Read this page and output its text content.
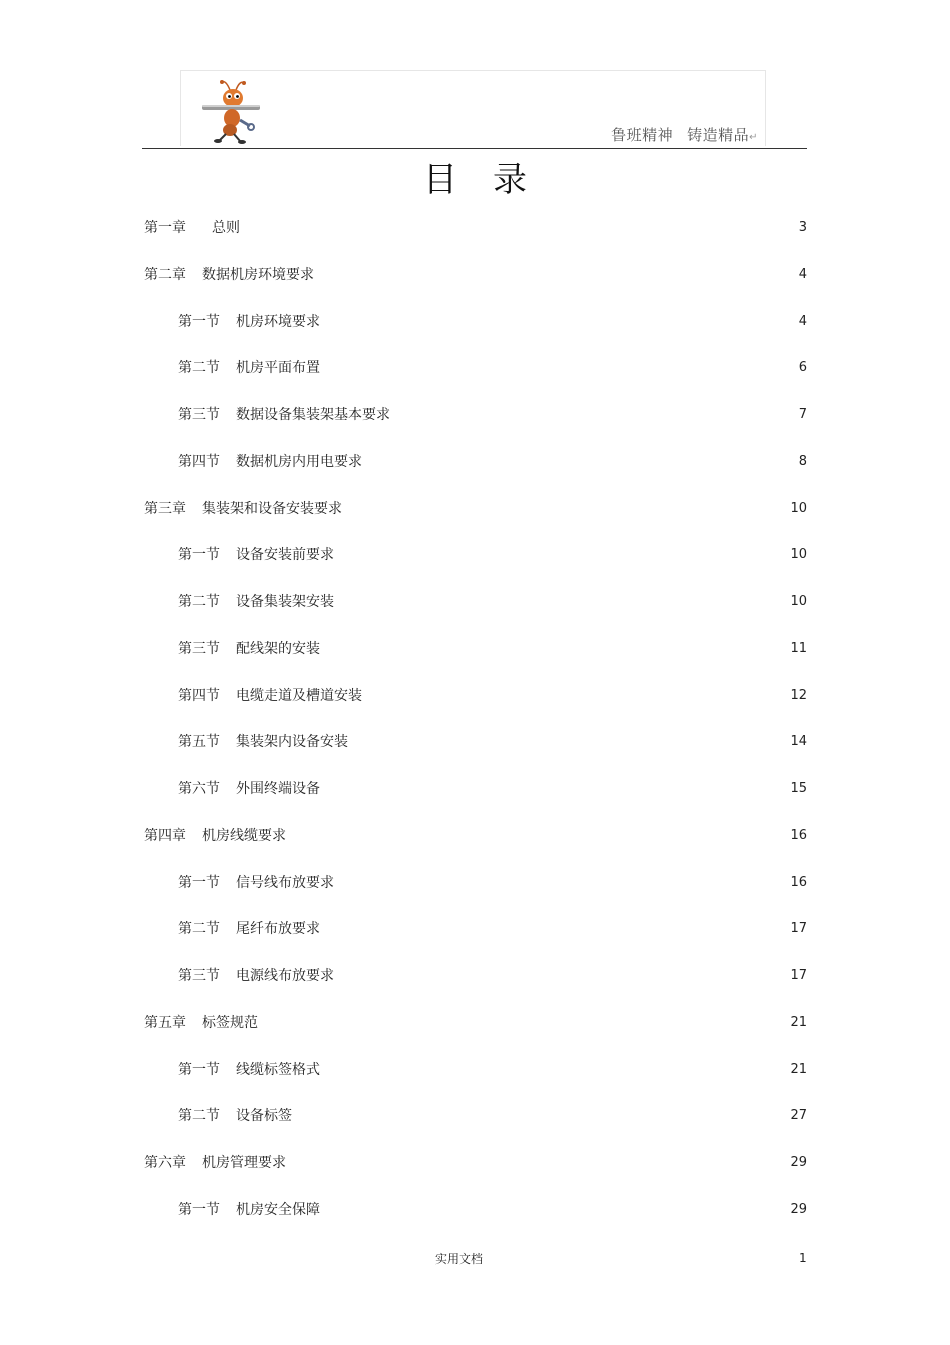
鲁班精神 铸造精品↵
目录
第一章 总则	3
第二章 数据机房环境要求	4
第一节 机房环境要求	4
第二节 机房平面布置	6
第三节 数据设备集装架基本要求	7
第四节 数据机房内用电要求	8
第三章 集装架和设备安装要求	10
第一节 设备安装前要求	10
第二节 设备集装架安装	10
第三节 配线架的安装	11
第四节 电缆走道及槽道安装	12
第五节 集装架内设备安装	14
第六节 外围终端设备	15
第四章 机房线缆要求	16
第一节 信号线布放要求	16
第二节 尾纤布放要求	17
第三节 电源线布放要求	17
第五章 标签规范	21
第一节 线缆标签格式	21
第二节 设备标签	27
第六章 机房管理要求	29
第一节 机房安全保障	29
实用文档	1
